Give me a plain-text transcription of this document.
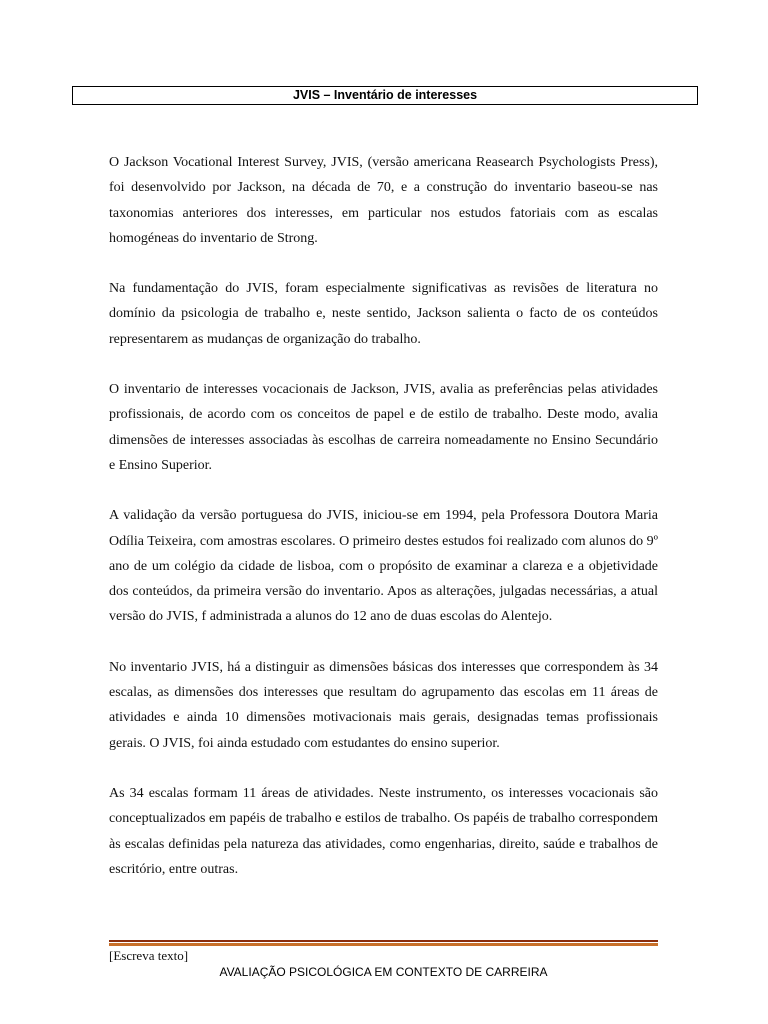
JVIS – Inventário de interesses

O Jackson Vocational Interest Survey, JVIS, (versão americana Reasearch Psychologists Press), foi desenvolvido por Jackson, na década de 70, e a construção do inventario baseou-se nas taxonomias anteriores dos interesses, em particular nos estudos fatoriais com as escalas homogéneas do inventario de Strong.

Na fundamentação do JVIS, foram especialmente significativas as revisões de literatura no domínio da psicologia de trabalho e, neste sentido, Jackson salienta o facto de os conteúdos representarem as mudanças de organização do trabalho.

O inventario de interesses vocacionais de Jackson, JVIS, avalia as preferências pelas atividades profissionais, de acordo com os conceitos de papel e de estilo de trabalho. Deste modo, avalia dimensões de interesses associadas às escolhas de carreira nomeadamente no Ensino Secundário e Ensino Superior.

A validação da versão portuguesa do JVIS, iniciou-se em 1994, pela Professora Doutora Maria Odília Teixeira, com amostras escolares. O primeiro destes estudos foi realizado com alunos do 9º ano de um colégio da cidade de lisboa, com o propósito de examinar a clareza e a objetividade dos conteúdos, da primeira versão do inventario. Apos as alterações, julgadas necessárias, a atual versão do JVIS, f administrada a alunos do 12 ano de duas escolas do Alentejo.

No inventario JVIS, há a distinguir as dimensões básicas dos interesses que correspondem às 34 escalas, as dimensões dos interesses que resultam do agrupamento das escolas em 11 áreas de atividades e ainda 10 dimensões motivacionais mais gerais, designadas temas profissionais gerais. O JVIS, foi ainda estudado com estudantes do ensino superior.

As 34 escalas formam 11 áreas de atividades. Neste instrumento, os interesses vocacionais são conceptualizados em papéis de trabalho e estilos de trabalho. Os papéis de trabalho correspondem às escalas definidas pela natureza das atividades, como engenharias, direito, saúde e trabalhos de escritório, entre outras.

[Escreva texto]
AVALIAÇÃO PSICOLÓGICA EM CONTEXTO DE CARREIRA
